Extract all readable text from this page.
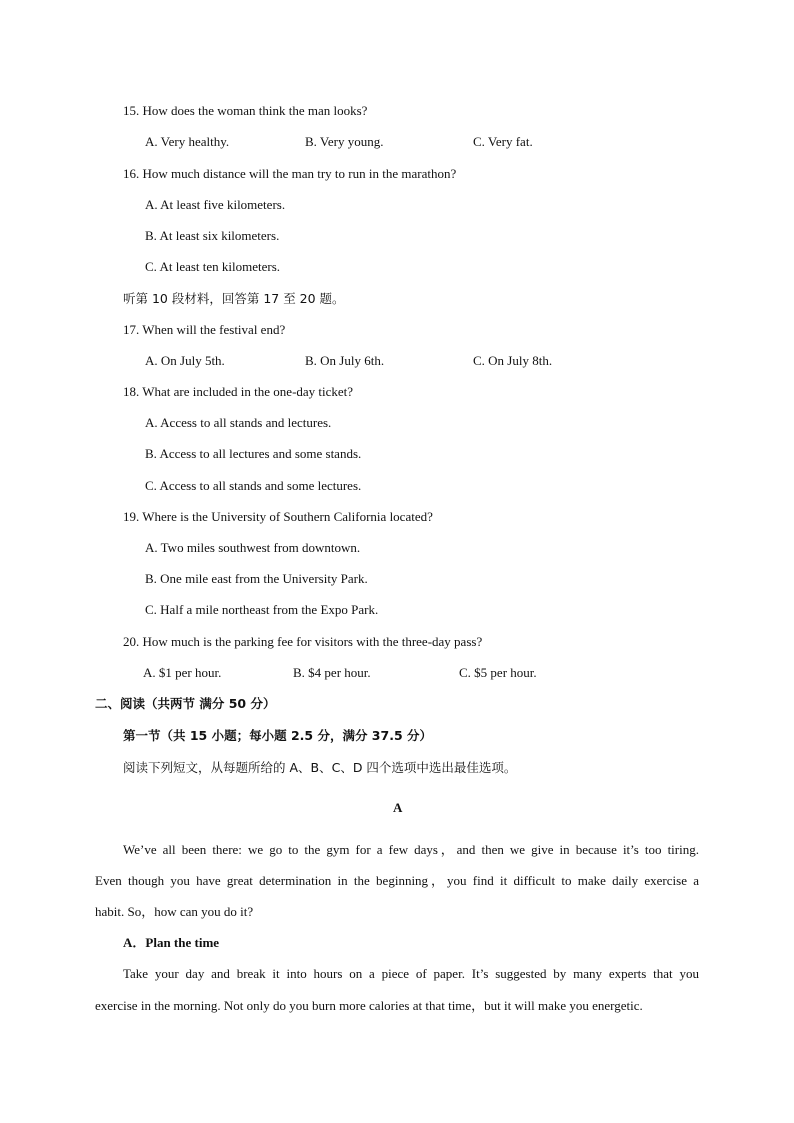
15. How does the woman think the man looks?
A. Very healthy.	B. Very young.	C. Very fat.
16. How much distance will the man try to run in the marathon?
A. At least five kilometers.
B. At least six kilometers.
C. At least ten kilometers.
听第 10 段材料，回答第 17 至 20 题。
17. When will the festival end?
A. On July 5th.	B. On July 6th.	C. On July 8th.
18. What are included in the one-day ticket?
A. Access to all stands and lectures.
B. Access to all lectures and some stands.
C. Access to all stands and some lectures.
19. Where is the University of Southern California located?
A. Two miles southwest from downtown.
B. One mile east from the University Park.
C. Half a mile northeast from the Expo Park.
20. How much is the parking fee for visitors with the three-day pass?
A. $1 per hour.	B. $4 per hour.	C. $5 per hour.
二、阅读（共两节 满分 50 分）
第一节（共 15 小题；每小题 2.5 分，满分 37.5 分）
阅读下列短文，从每题所给的 A、B、C、D 四个选项中选出最佳选项。
A
We’ve all been there: we go to the gym for a few days，and then we give in because it’s too tiring.
Even though you have great determination in the beginning，you find it difficult to make daily exercise a
habit. So，how can you do it?
A．Plan the time
Take your day and break it into hours on a piece of paper. It’s suggested by many experts that you
exercise in the morning. Not only do you burn more calories at that time，but it will make you energetic.
